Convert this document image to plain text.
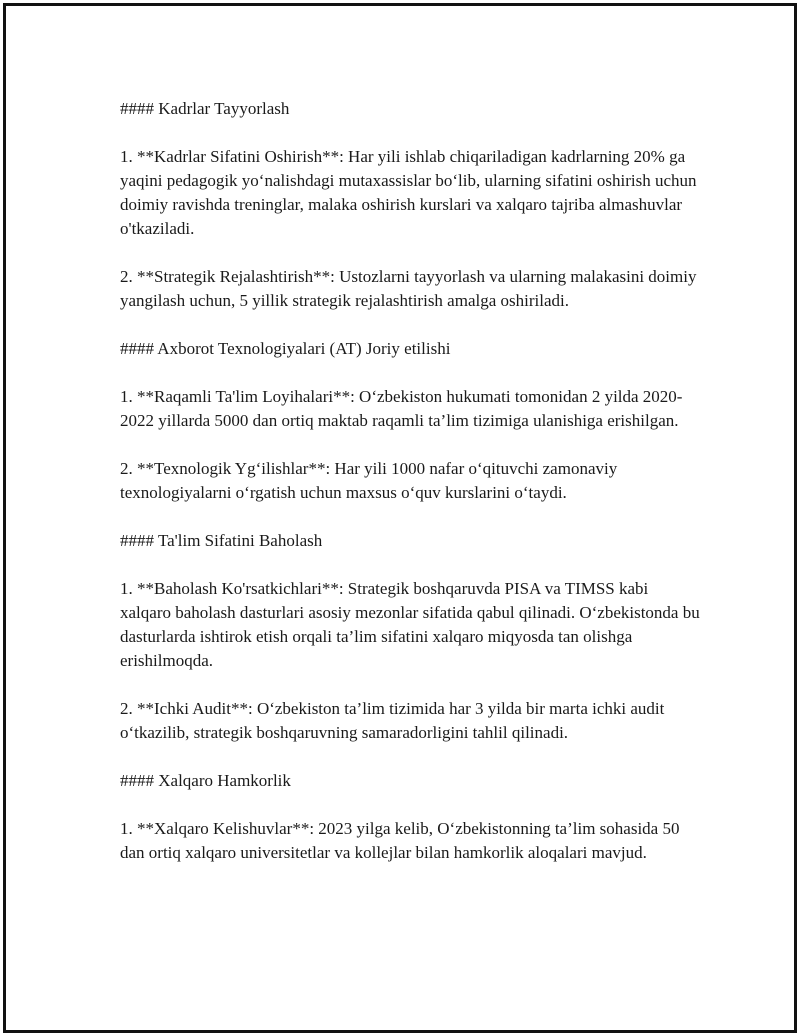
#### Kadrlar Tayyorlash

1. **Kadrlar Sifatini Oshirish**: Har yili ishlab chiqariladigan kadrlarning 20% ga yaqini pedagogik yo‘nalishdagi mutaxassislar bo‘lib, ularning sifatini oshirish uchun doimiy ravishda treninglar, malaka oshirish kurslari va xalqaro tajriba almashuvlar o'tkaziladi.

2. **Strategik Rejalashtirish**: Ustozlarni tayyorlash va ularning malakasini doimiy yangilash uchun, 5 yillik strategik rejalashtirish amalga oshiriladi.

#### Axborot Texnologiyalari (AT) Joriy etilishi

1. **Raqamli Ta'lim Loyihalari**: O‘zbekiston hukumati tomonidan 2 yilda 2020-2022 yillarda 5000 dan ortiq maktab raqamli ta’lim tizimiga ulanishiga erishilgan.

2. **Texnologik Yg‘ilishlar**: Har yili 1000 nafar o‘qituvchi zamonaviy texnologiyalarni o‘rgatish uchun maxsus o‘quv kurslarini o‘taydi.

#### Ta'lim Sifatini Baholash

1. **Baholash Ko'rsatkichlari**: Strategik boshqaruvda PISA va TIMSS kabi xalqaro baholash dasturlari asosiy mezonlar sifatida qabul qilinadi. O‘zbekistonda bu dasturlarda ishtirok etish orqali ta’lim sifatini xalqaro miqyosda tan olishga erishilmoqda.

2. **Ichki Audit**: O‘zbekiston ta’lim tizimida har 3 yilda bir marta ichki audit o‘tkazilib, strategik boshqaruvning samaradorligini tahlil qilinadi.

#### Xalqaro Hamkorlik

1. **Xalqaro Kelishuvlar**: 2023 yilga kelib, O‘zbekistonning ta’lim sohasida 50 dan ortiq xalqaro universitetlar va kollejlar bilan hamkorlik aloqalari mavjud.
